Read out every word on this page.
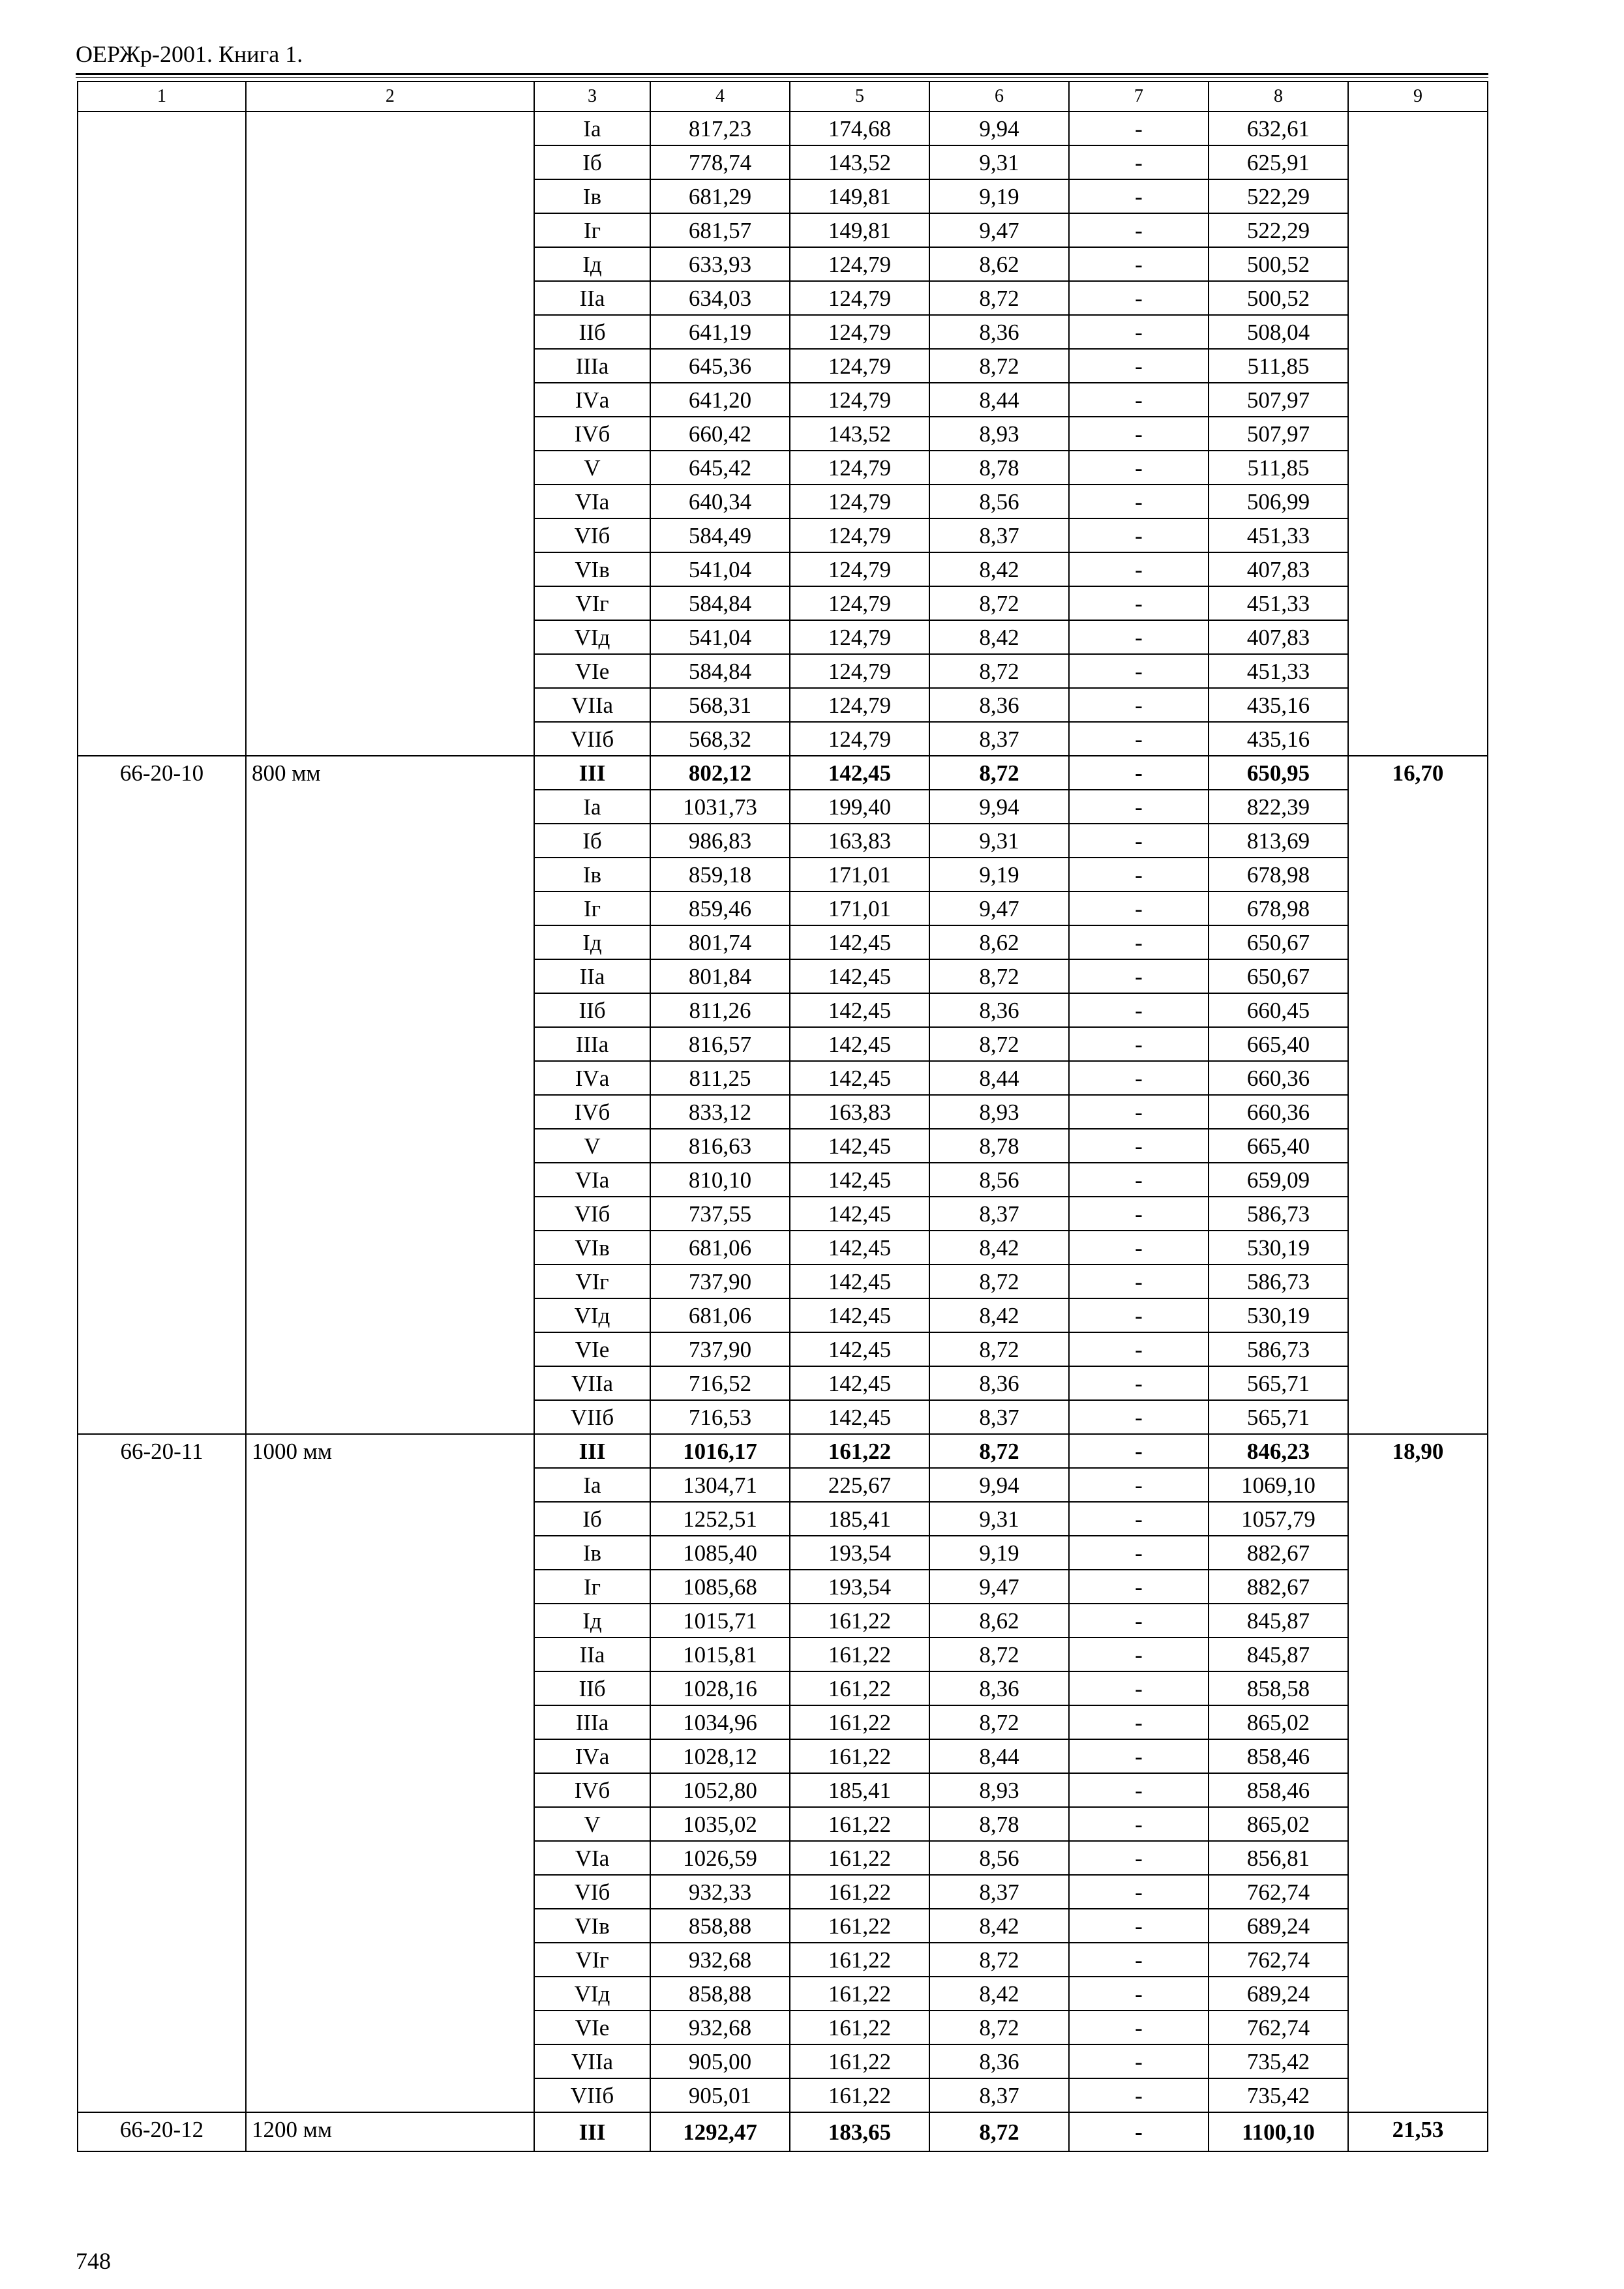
ОЕРЖр-2001. Книга 1.
1	2	3	4	5	6	7	8	9
		Iа	817,23	174,68	9,94	-	632,61	
		Iб	778,74	143,52	9,31	-	625,91	
		Iв	681,29	149,81	9,19	-	522,29	
		Iг	681,57	149,81	9,47	-	522,29	
		Iд	633,93	124,79	8,62	-	500,52	
		IIа	634,03	124,79	8,72	-	500,52	
		IIб	641,19	124,79	8,36	-	508,04	
		IIIа	645,36	124,79	8,72	-	511,85	
		IVа	641,20	124,79	8,44	-	507,97	
		IVб	660,42	143,52	8,93	-	507,97	
		V	645,42	124,79	8,78	-	511,85	
		VIа	640,34	124,79	8,56	-	506,99	
		VIб	584,49	124,79	8,37	-	451,33	
		VIв	541,04	124,79	8,42	-	407,83	
		VIг	584,84	124,79	8,72	-	451,33	
		VIд	541,04	124,79	8,42	-	407,83	
		VIе	584,84	124,79	8,72	-	451,33	
		VIIа	568,31	124,79	8,36	-	435,16	
		VIIб	568,32	124,79	8,37	-	435,16	
66-20-10	800 мм	III	802,12	142,45	8,72	-	650,95	16,70
		Iа	1031,73	199,40	9,94	-	822,39	
		Iб	986,83	163,83	9,31	-	813,69	
		Iв	859,18	171,01	9,19	-	678,98	
		Iг	859,46	171,01	9,47	-	678,98	
		Iд	801,74	142,45	8,62	-	650,67	
		IIа	801,84	142,45	8,72	-	650,67	
		IIб	811,26	142,45	8,36	-	660,45	
		IIIа	816,57	142,45	8,72	-	665,40	
		IVа	811,25	142,45	8,44	-	660,36	
		IVб	833,12	163,83	8,93	-	660,36	
		V	816,63	142,45	8,78	-	665,40	
		VIа	810,10	142,45	8,56	-	659,09	
		VIб	737,55	142,45	8,37	-	586,73	
		VIв	681,06	142,45	8,42	-	530,19	
		VIг	737,90	142,45	8,72	-	586,73	
		VIд	681,06	142,45	8,42	-	530,19	
		VIе	737,90	142,45	8,72	-	586,73	
		VIIа	716,52	142,45	8,36	-	565,71	
		VIIб	716,53	142,45	8,37	-	565,71	
66-20-11	1000 мм	III	1016,17	161,22	8,72	-	846,23	18,90
		Iа	1304,71	225,67	9,94	-	1069,10	
		Iб	1252,51	185,41	9,31	-	1057,79	
		Iв	1085,40	193,54	9,19	-	882,67	
		Iг	1085,68	193,54	9,47	-	882,67	
		Iд	1015,71	161,22	8,62	-	845,87	
		IIа	1015,81	161,22	8,72	-	845,87	
		IIб	1028,16	161,22	8,36	-	858,58	
		IIIа	1034,96	161,22	8,72	-	865,02	
		IVа	1028,12	161,22	8,44	-	858,46	
		IVб	1052,80	185,41	8,93	-	858,46	
		V	1035,02	161,22	8,78	-	865,02	
		VIа	1026,59	161,22	8,56	-	856,81	
		VIб	932,33	161,22	8,37	-	762,74	
		VIв	858,88	161,22	8,42	-	689,24	
		VIг	932,68	161,22	8,72	-	762,74	
		VIд	858,88	161,22	8,42	-	689,24	
		VIе	932,68	161,22	8,72	-	762,74	
		VIIа	905,00	161,22	8,36	-	735,42	
		VIIб	905,01	161,22	8,37	-	735,42	
66-20-12	1200 мм	III	1292,47	183,65	8,72	-	1100,10	21,53
748
